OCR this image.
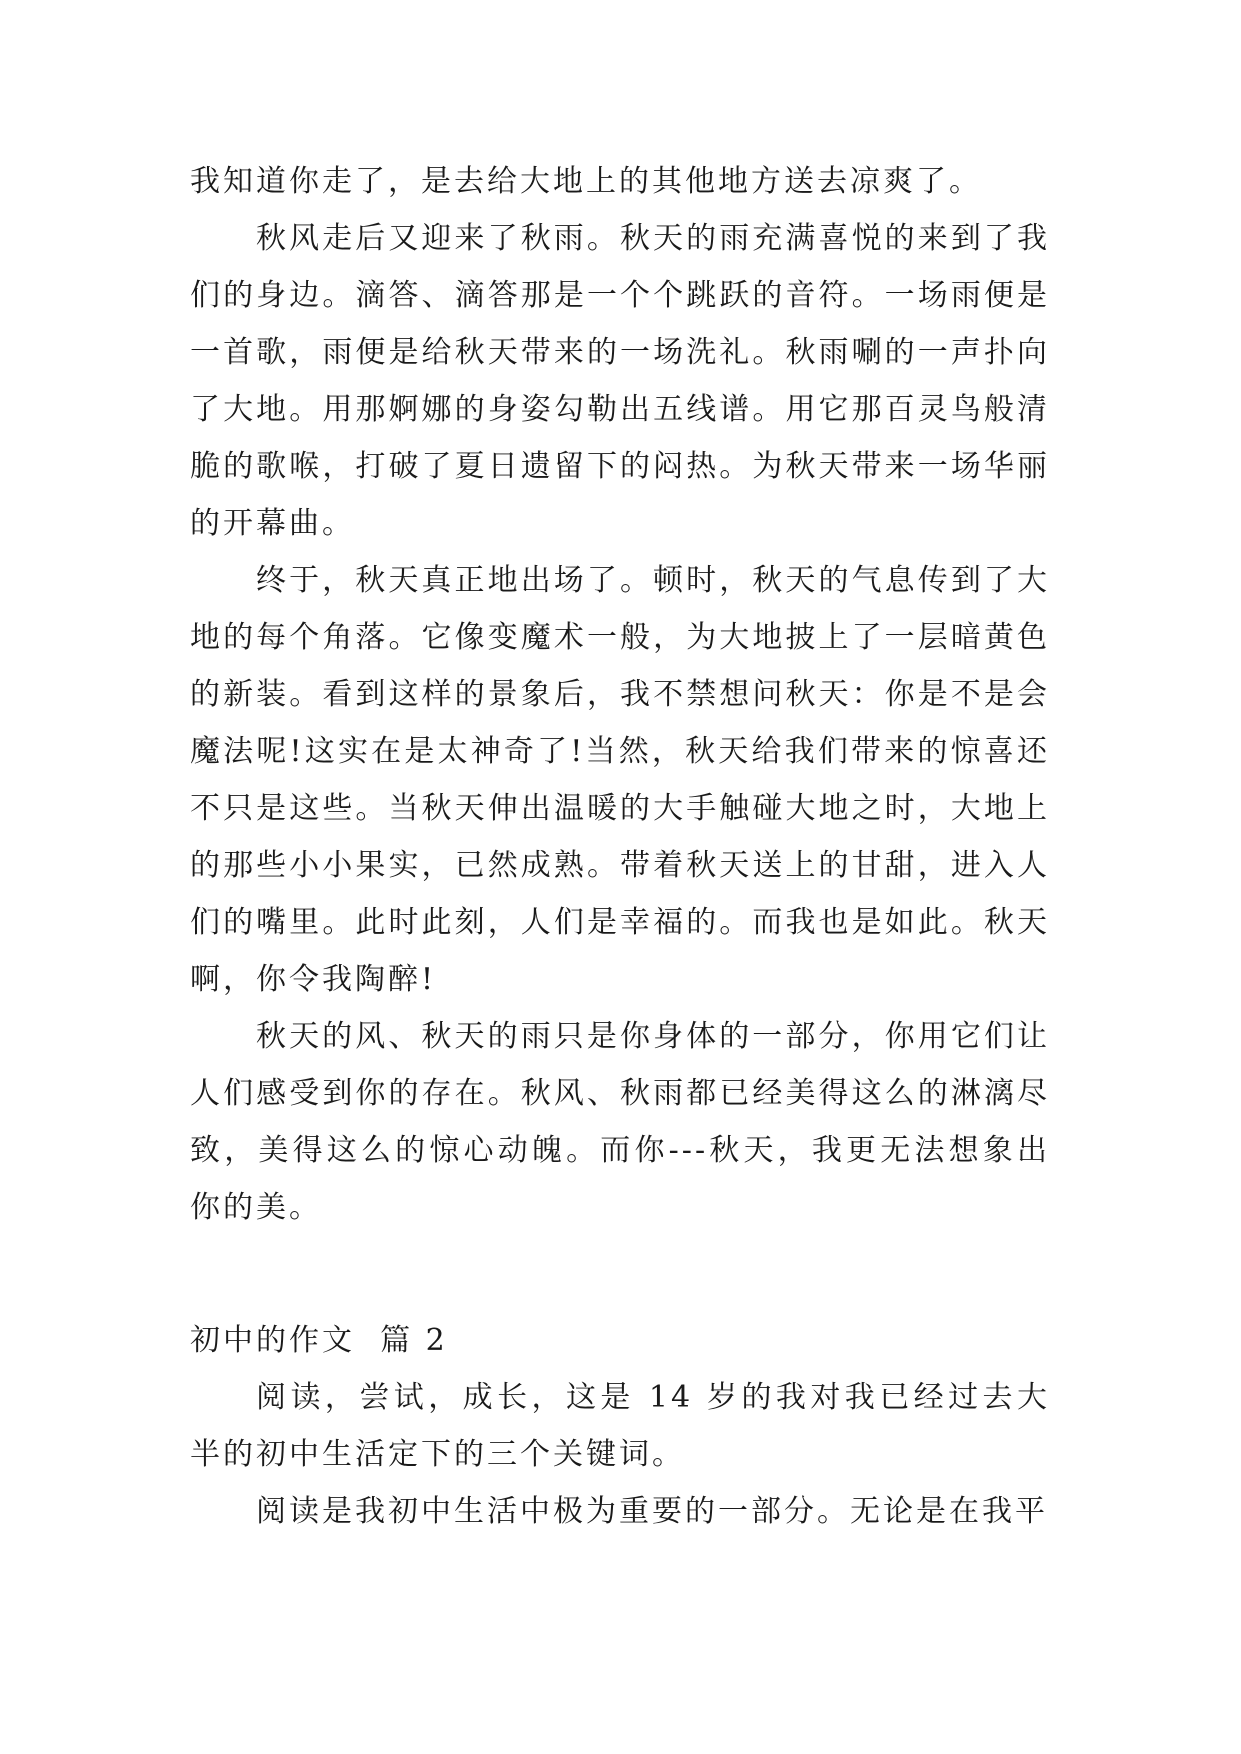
我知道你走了，是去给大地上的其他地方送去凉爽了。

秋风走后又迎来了秋雨。秋天的雨充满喜悦的来到了我们的身边。滴答、滴答那是一个个跳跃的音符。一场雨便是一首歌，雨便是给秋天带来的一场洗礼。秋雨唰的一声扑向了大地。用那婀娜的身姿勾勒出五线谱。用它那百灵鸟般清脆的歌喉，打破了夏日遗留下的闷热。为秋天带来一场华丽的开幕曲。

终于，秋天真正地出场了。顿时，秋天的气息传到了大地的每个角落。它像变魔术一般，为大地披上了一层暗黄色的新装。看到这样的景象后，我不禁想问秋天：你是不是会魔法呢!这实在是太神奇了!当然，秋天给我们带来的惊喜还不只是这些。当秋天伸出温暖的大手触碰大地之时，大地上的那些小小果实，已然成熟。带着秋天送上的甘甜，进入人们的嘴里。此时此刻，人们是幸福的。而我也是如此。秋天啊，你令我陶醉!

秋天的风、秋天的雨只是你身体的一部分，你用它们让人们感受到你的存在。秋风、秋雨都已经美得这么的淋漓尽致，美得这么的惊心动魄。而你---秋天，我更无法想象出你的美。

初中的作文  篇 2

阅读，尝试，成长，这是 14 岁的我对我已经过去大半的初中生活定下的三个关键词。

阅读是我初中生活中极为重要的一部分。无论是在我平
